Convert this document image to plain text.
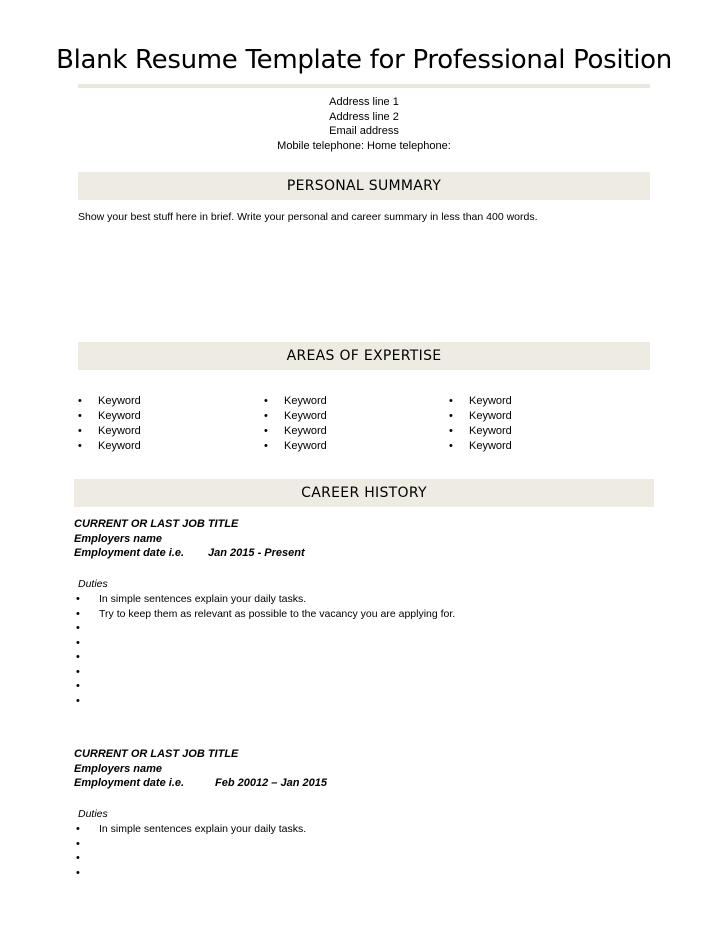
Blank Resume Template for Professional Position
Address line 1
Address line 2
Email address
Mobile telephone: Home telephone:
PERSONAL SUMMARY
Show your best stuff here in brief. Write your personal and career summary in less than 400 words.
AREAS OF EXPERTISE
•	Keyword
•	Keyword
•	Keyword
•	Keyword
•	Keyword
•	Keyword
•	Keyword
•	Keyword
•	Keyword
•	Keyword
•	Keyword
•	Keyword
CAREER HISTORY
CURRENT OR LAST JOB TITLE
Employers name
Employment date i.e. Jan 2015 - Present
Duties
•	In simple sentences explain your daily tasks.
•	Try to keep them as relevant as possible to the vacancy you are applying for.
•
•
•
•
•
•
CURRENT OR LAST JOB TITLE
Employers name
Employment date i.e.	Feb 20012 – Jan 2015
Duties
•	In simple sentences explain your daily tasks.
•
•
•
